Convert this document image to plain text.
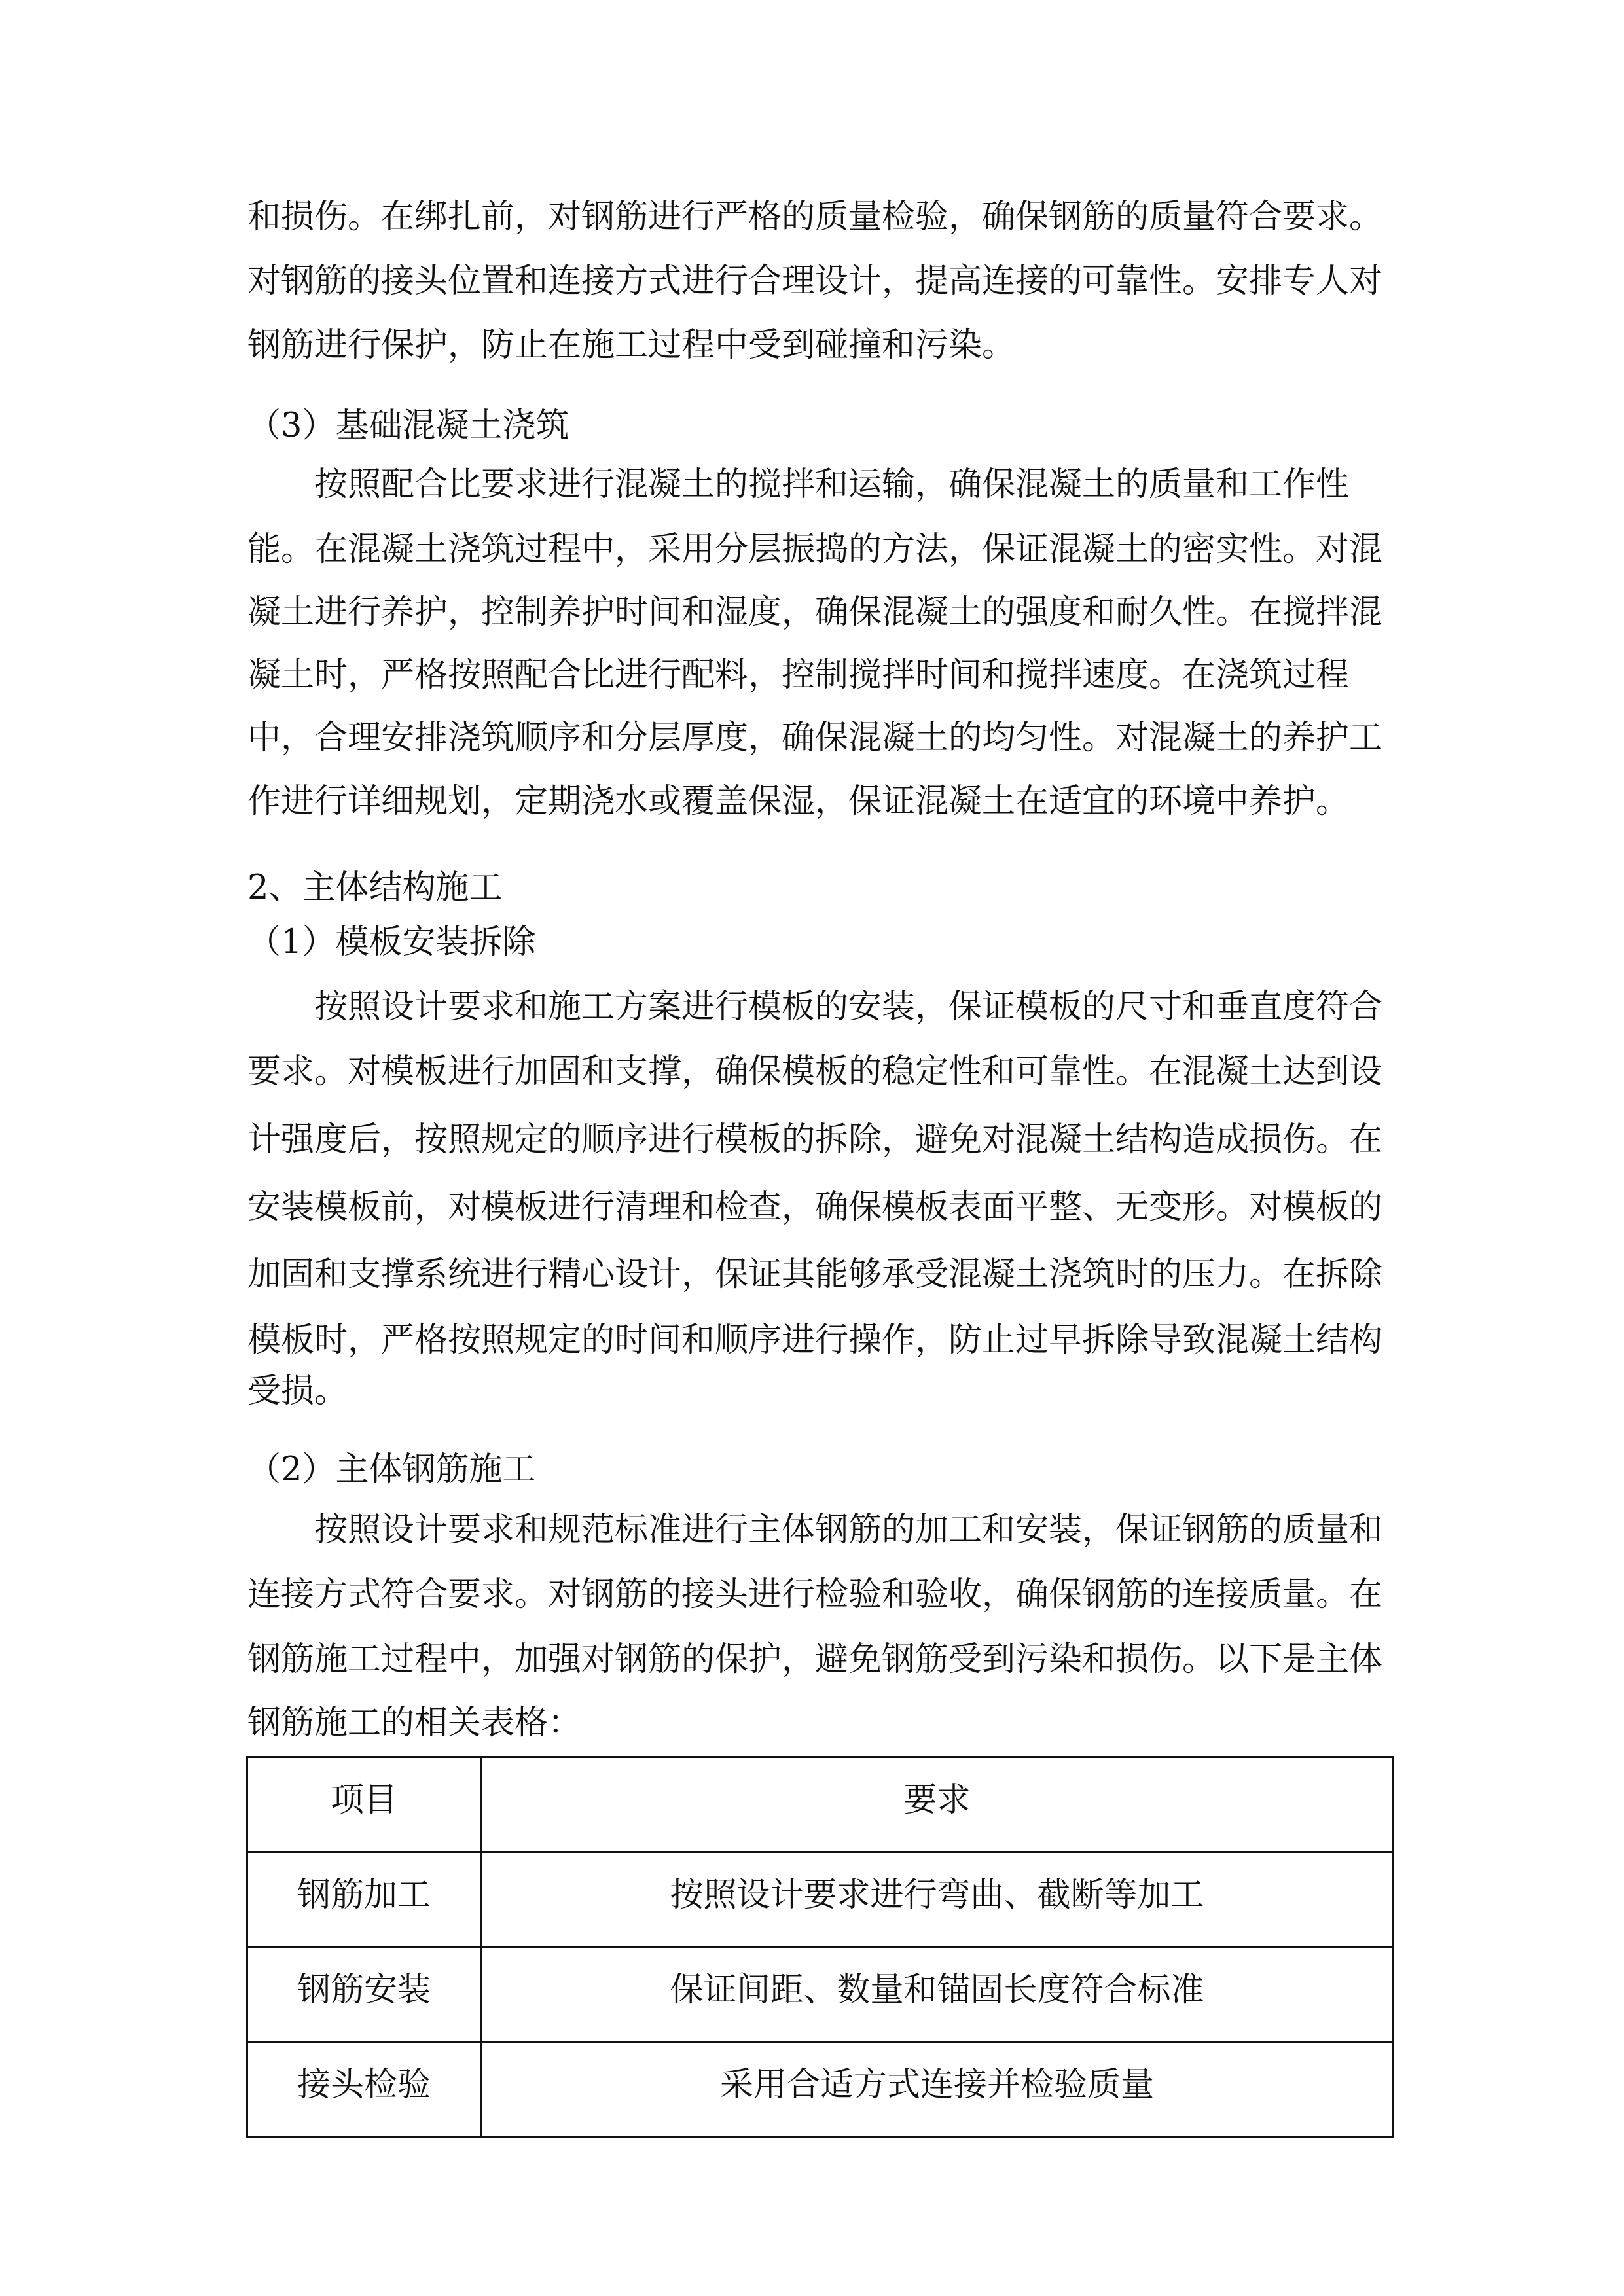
和损伤。在绑扎前，对钢筋进行严格的质量检验，确保钢筋的质量符合要求。
对钢筋的接头位置和连接方式进行合理设计，提高连接的可靠性。安排专人对
钢筋进行保护，防止在施工过程中受到碰撞和污染。
（3）基础混凝土浇筑
按照配合比要求进行混凝土的搅拌和运输，确保混凝土的质量和工作性
能。在混凝土浇筑过程中，采用分层振捣的方法，保证混凝土的密实性。对混
凝土进行养护，控制养护时间和湿度，确保混凝土的强度和耐久性。在搅拌混
凝土时，严格按照配合比进行配料，控制搅拌时间和搅拌速度。在浇筑过程
中，合理安排浇筑顺序和分层厚度，确保混凝土的均匀性。对混凝土的养护工
作进行详细规划，定期浇水或覆盖保湿，保证混凝土在适宜的环境中养护。
2、主体结构施工
（1）模板安装拆除
按照设计要求和施工方案进行模板的安装，保证模板的尺寸和垂直度符合
要求。对模板进行加固和支撑，确保模板的稳定性和可靠性。在混凝土达到设
计强度后，按照规定的顺序进行模板的拆除，避免对混凝土结构造成损伤。在
安装模板前，对模板进行清理和检查，确保模板表面平整、无变形。对模板的
加固和支撑系统进行精心设计，保证其能够承受混凝土浇筑时的压力。在拆除
模板时，严格按照规定的时间和顺序进行操作，防止过早拆除导致混凝土结构
受损。
（2）主体钢筋施工
按照设计要求和规范标准进行主体钢筋的加工和安装，保证钢筋的质量和
连接方式符合要求。对钢筋的接头进行检验和验收，确保钢筋的连接质量。在
钢筋施工过程中，加强对钢筋的保护，避免钢筋受到污染和损伤。以下是主体
钢筋施工的相关表格：
项目	要求
钢筋加工	按照设计要求进行弯曲、截断等加工
钢筋安装	保证间距、数量和锚固长度符合标准
接头检验	采用合适方式连接并检验质量
